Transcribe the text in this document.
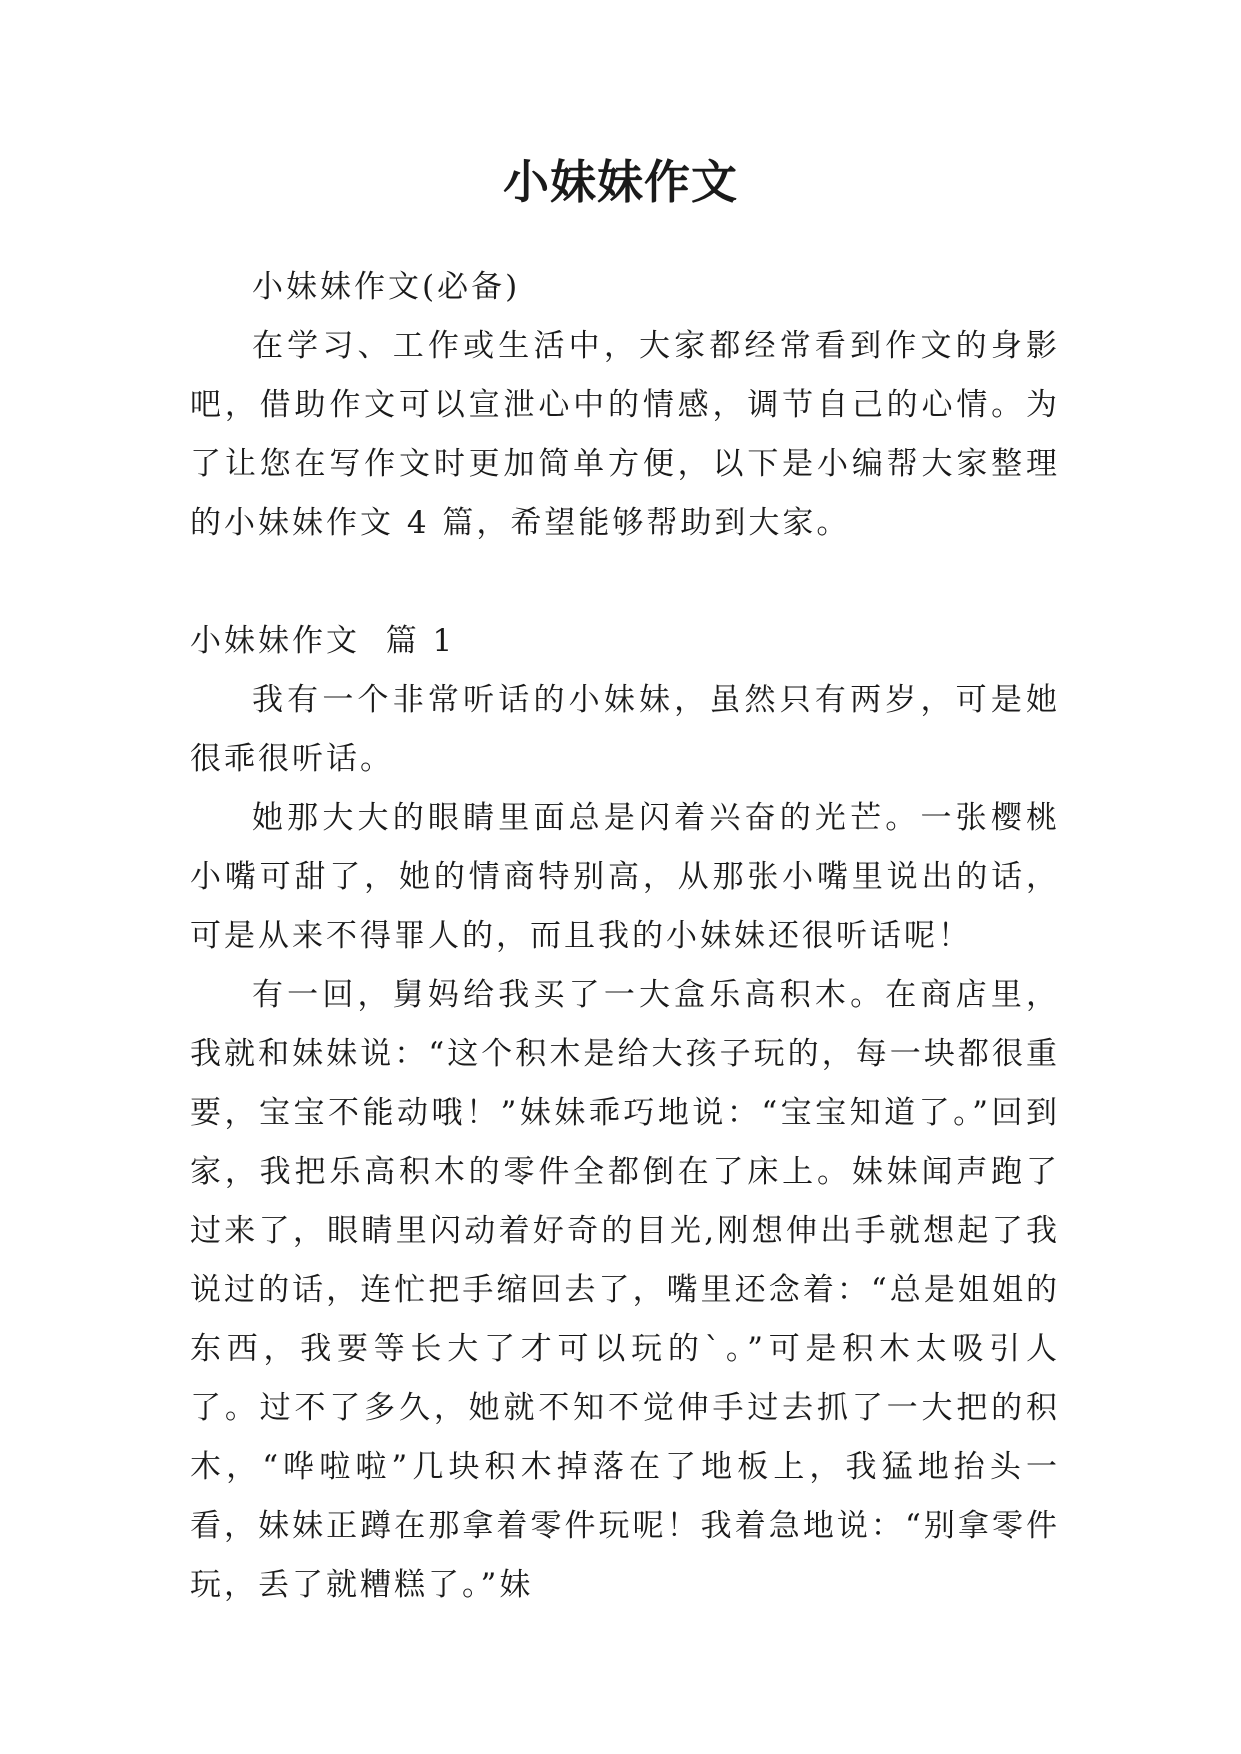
小妹妹作文

小妹妹作文(必备)

在学习、工作或生活中，大家都经常看到作文的身影吧，借助作文可以宣泄心中的情感，调节自己的心情。为了让您在写作文时更加简单方便，以下是小编帮大家整理的小妹妹作文 4 篇，希望能够帮助到大家。

小妹妹作文  篇 1

我有一个非常听话的小妹妹，虽然只有两岁，可是她很乖很听话。

她那大大的眼睛里面总是闪着兴奋的光芒。一张樱桃小嘴可甜了，她的情商特别高，从那张小嘴里说出的话，可是从来不得罪人的，而且我的小妹妹还很听话呢！

有一回，舅妈给我买了一大盒乐高积木。在商店里，我就和妹妹说：“这个积木是给大孩子玩的，每一块都很重要，宝宝不能动哦！”妹妹乖巧地说：“宝宝知道了。”回到家，我把乐高积木的零件全都倒在了床上。妹妹闻声跑了过来了，眼睛里闪动着好奇的目光,刚想伸出手就想起了我说过的话，连忙把手缩回去了，嘴里还念着：“总是姐姐的东西，我要等长大了才可以玩的`。”可是积木太吸引人了。过不了多久，她就不知不觉伸手过去抓了一大把的积木，“哗啦啦”几块积木掉落在了地板上，我猛地抬头一看，妹妹正蹲在那拿着零件玩呢！我着急地说：“别拿零件玩，丢了就糟糕了。”妹
